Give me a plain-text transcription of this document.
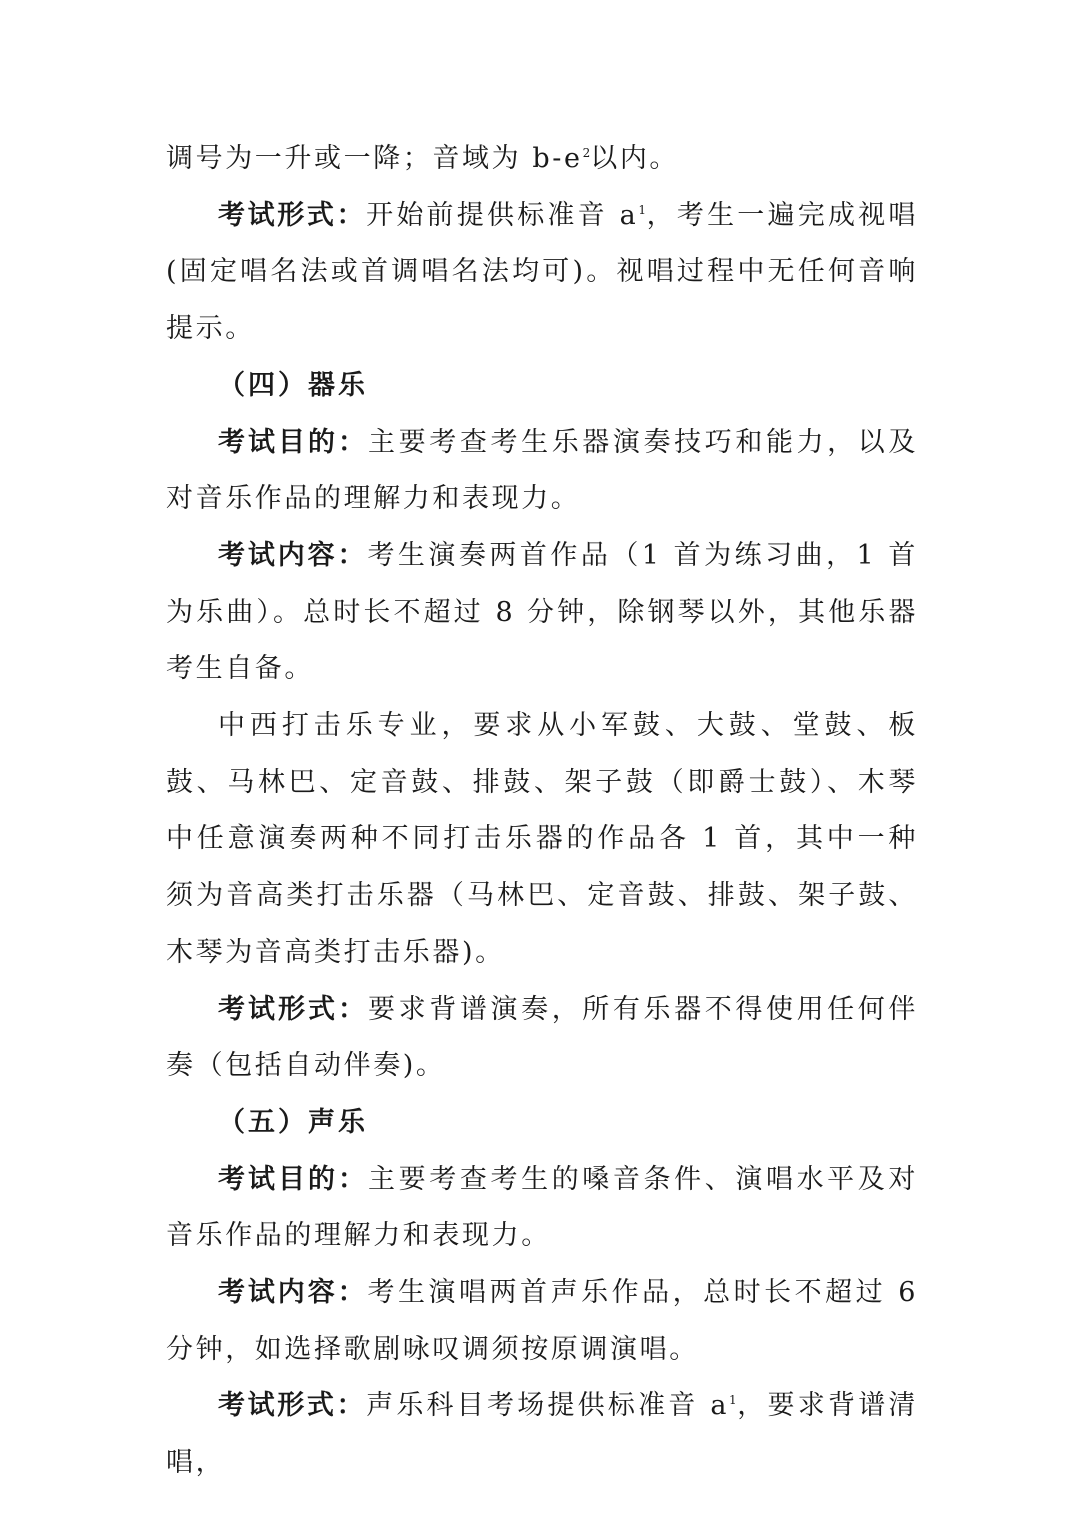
调号为一升或一降；音域为 $b-e^2$以内。

考试形式：开始前提供标准音 $a^1$，考生一遍完成视唱(固定唱名法或首调唱名法均可)。视唱过程中无任何音响提示。

（四）器乐

考试目的：主要考查考生乐器演奏技巧和能力，以及对音乐作品的理解力和表现力。

考试内容：考生演奏两首作品（1 首为练习曲，1 首为乐曲）。总时长不超过 8 分钟，除钢琴以外，其他乐器考生自备。

中西打击乐专业，要求从小军鼓、大鼓、堂鼓、板鼓、马林巴、定音鼓、排鼓、架子鼓（即爵士鼓）、木琴中任意演奏两种不同打击乐器的作品各 1 首，其中一种须为音高类打击乐器（马林巴、定音鼓、排鼓、架子鼓、木琴为音高类打击乐器)。

考试形式：要求背谱演奏，所有乐器不得使用任何伴奏（包括自动伴奏)。

（五）声乐

考试目的：主要考查考生的嗓音条件、演唱水平及对音乐作品的理解力和表现力。

考试内容：考生演唱两首声乐作品，总时长不超过 6 分钟，如选择歌剧咏叹调须按原调演唱。

考试形式：声乐科目考场提供标准音 $a^1$，要求背谱清唱，
